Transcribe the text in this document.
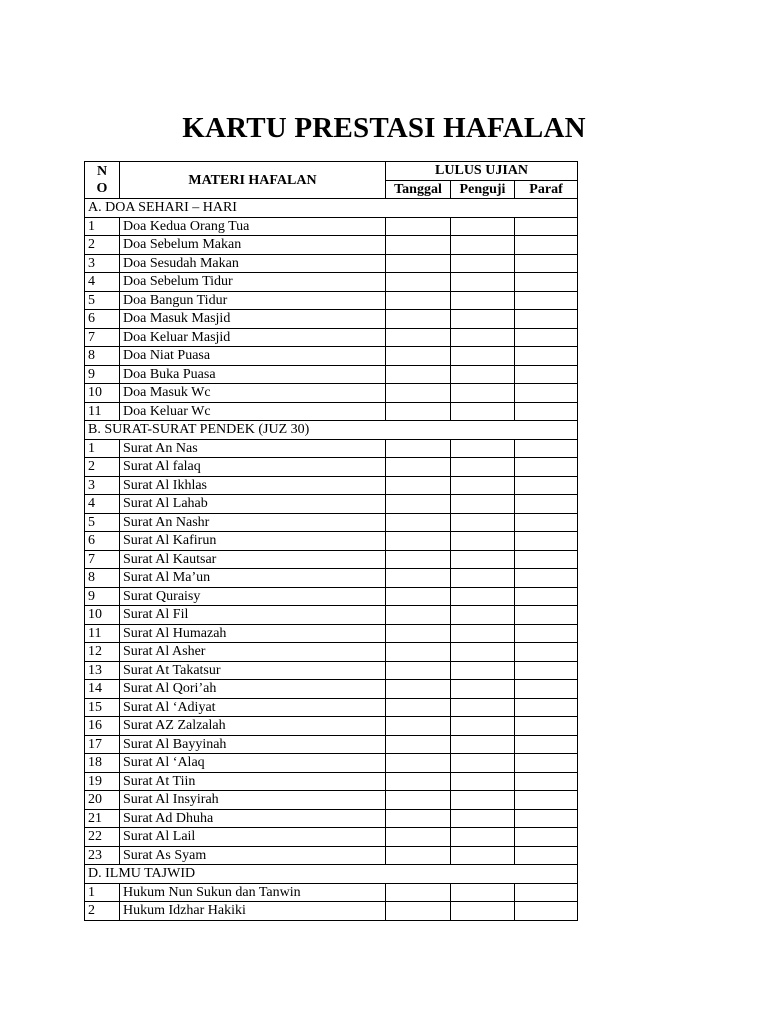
KARTU PRESTASI HAFALAN
N
O	MATERI HAFALAN	LULUS UJIAN		
		Tanggal	Penguji	Paraf
A. DOA SEHARI – HARI				
1	Doa Kedua Orang Tua			
2	Doa Sebelum Makan			
3	Doa Sesudah Makan			
4	Doa Sebelum Tidur			
5	Doa Bangun Tidur			
6	Doa Masuk Masjid			
7	Doa Keluar Masjid			
8	Doa Niat Puasa			
9	Doa Buka Puasa			
10	Doa Masuk Wc			
11	Doa Keluar Wc			
B. SURAT-SURAT PENDEK (JUZ 30)				
1	Surat An Nas			
2	Surat Al falaq			
3	Surat Al Ikhlas			
4	Surat Al Lahab			
5	Surat An Nashr			
6	Surat Al Kafirun			
7	Surat Al Kautsar			
8	Surat Al Ma’un			
9	Surat Quraisy			
10	Surat Al Fil			
11	Surat Al Humazah			
12	Surat Al Asher			
13	Surat At Takatsur			
14	Surat Al Qori’ah			
15	Surat Al ‘Adiyat			
16	Surat AZ Zalzalah			
17	Surat Al Bayyinah			
18	Surat Al ‘Alaq			
19	Surat At Tiin			
20	Surat Al Insyirah			
21	Surat Ad Dhuha			
22	Surat Al Lail			
23	Surat As Syam			
D. ILMU TAJWID				
1	Hukum Nun Sukun dan Tanwin			
2	Hukum Idzhar Hakiki			
